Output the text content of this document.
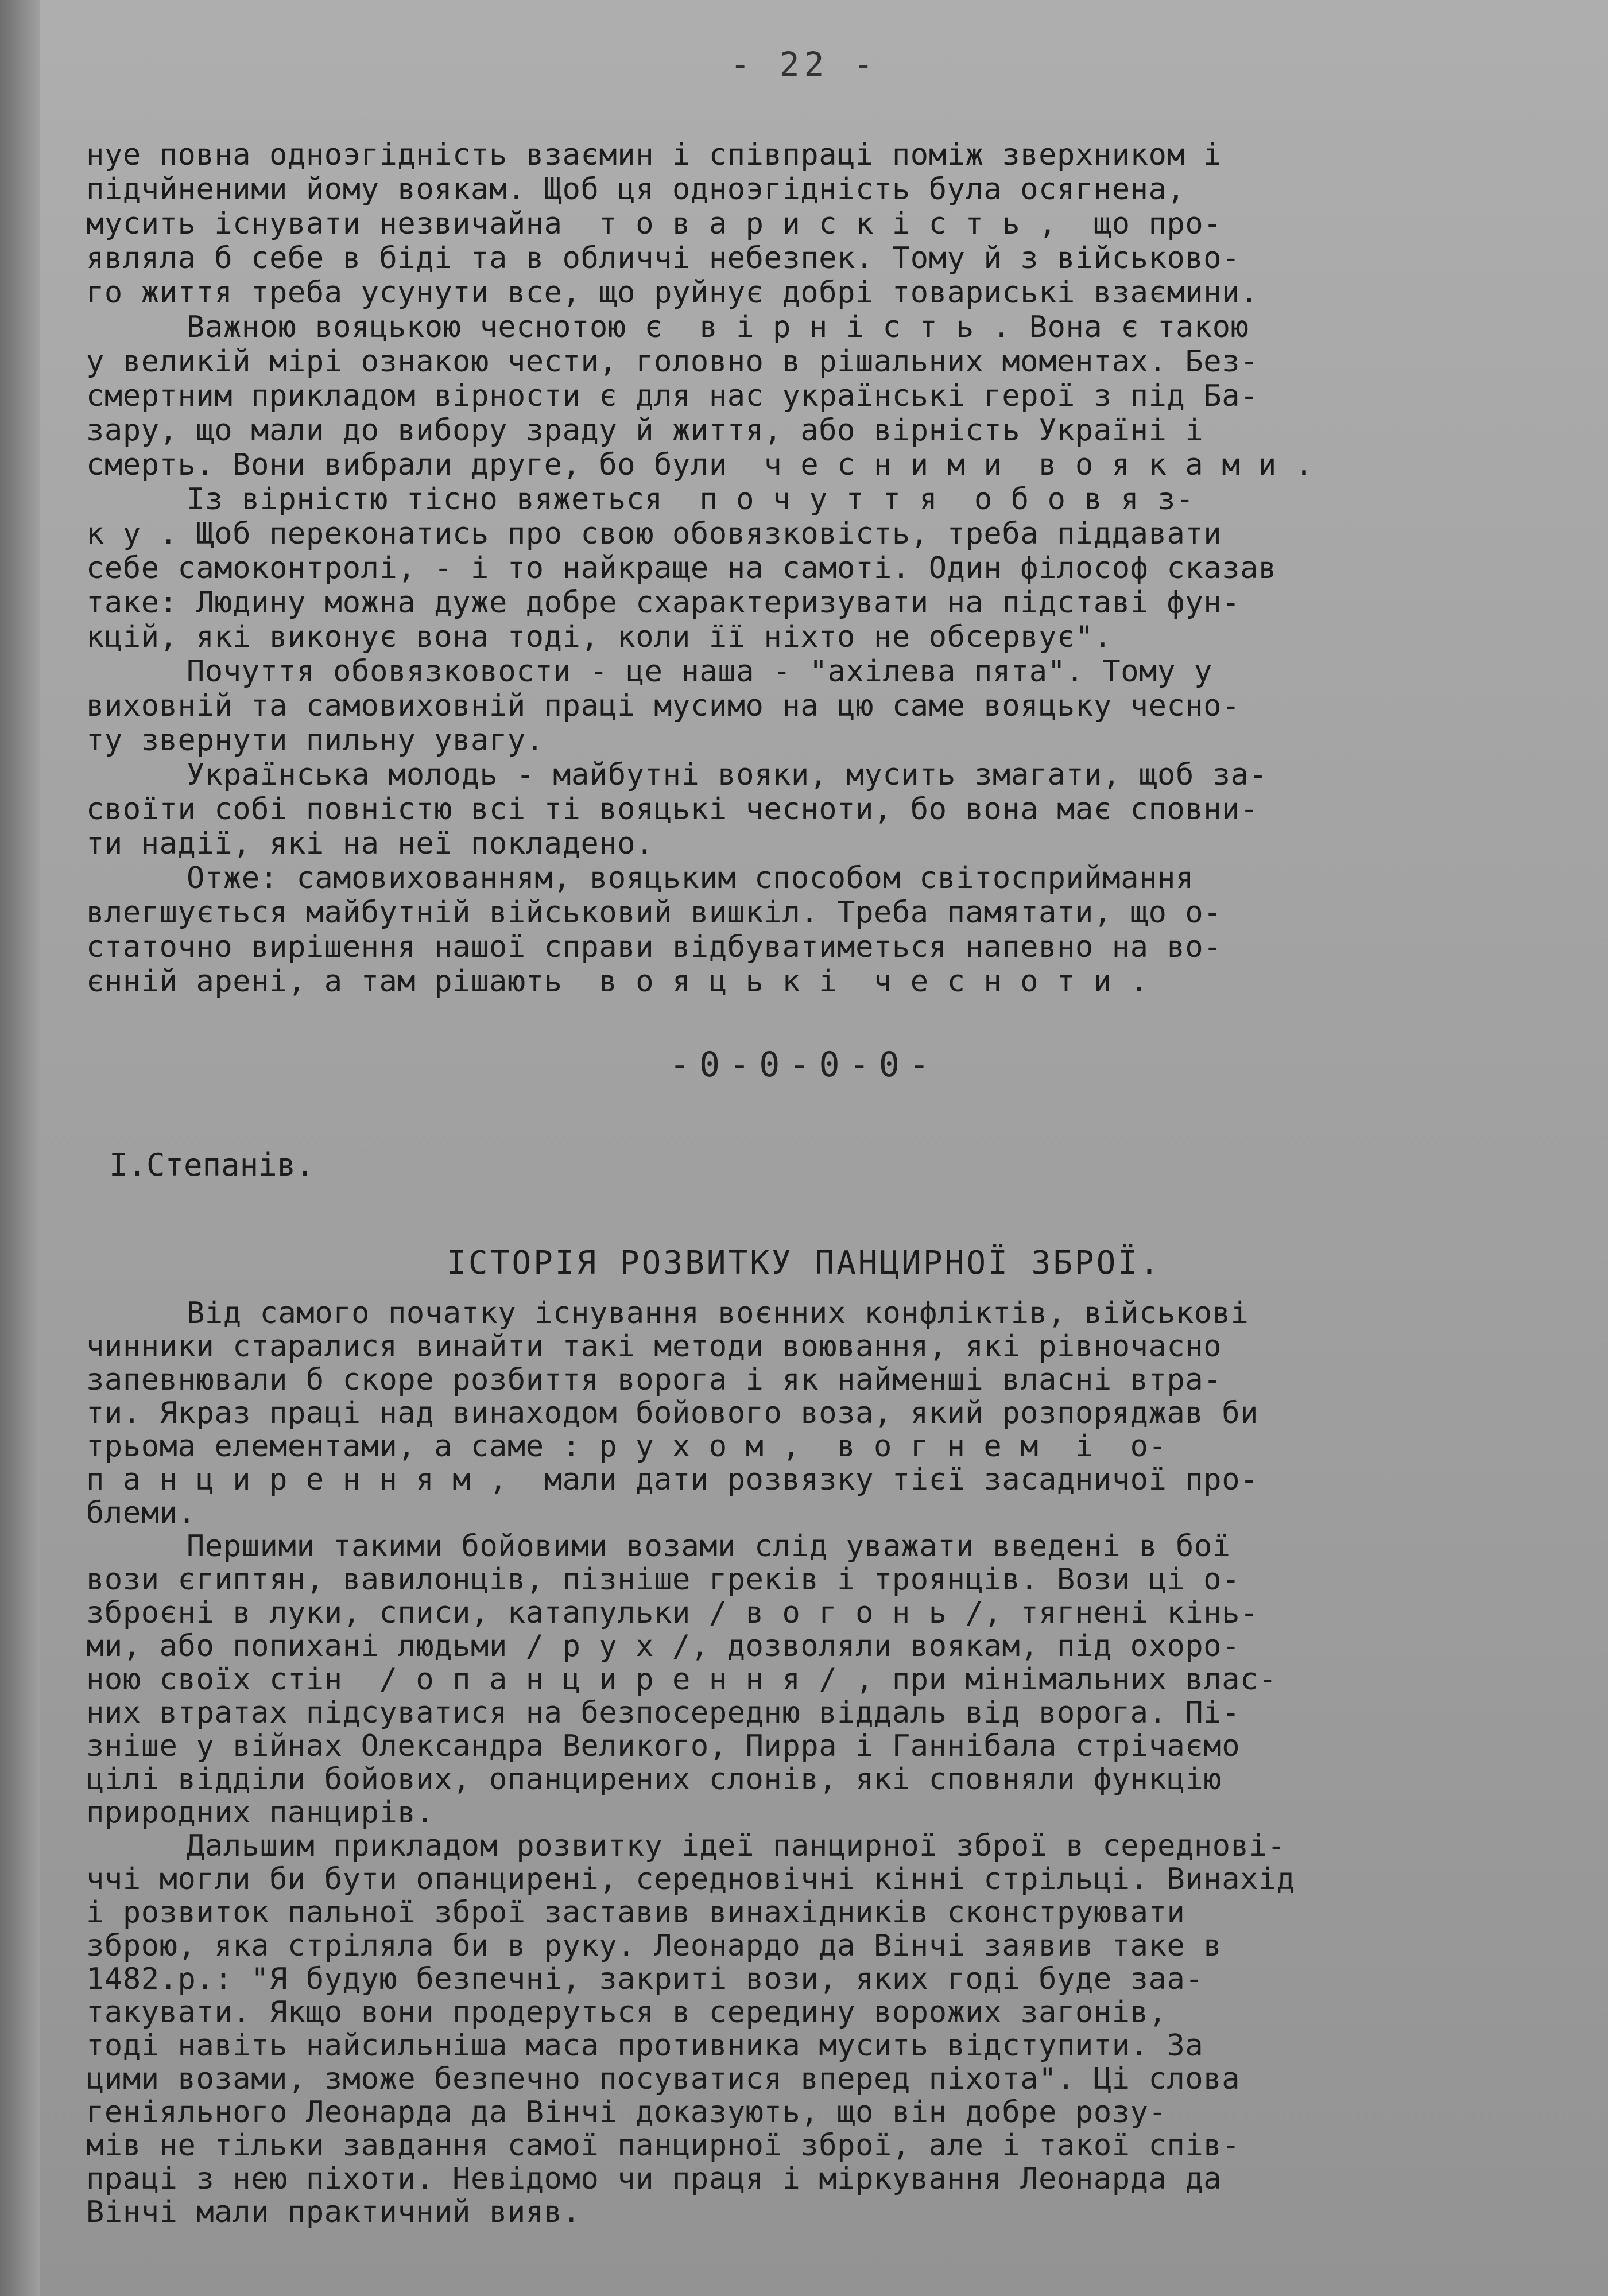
- 22 -
нуе повна одноэгідність взаємин і співпраці поміж зверхником і
підчйненими йому воякам. Щоб ця одноэгідність була осягнена,
мусить існувати незвичайна  т о в а р и с к і с т ь ,  що про-
являла б себе в біді та в обличчі небезпек. Тому й з військово-
го життя треба усунути все, що руйнує добрі товариські взаємини.
Важною вояцькою чеснотою є  в і р н і с т ь . Вона є такою
у великій мірі ознакою чести, головно в рішальних моментах. Без-
смертним прикладом вірности є для нас українські герої з під Ба-
зару, що мали до вибору зраду й життя, або вірність Україні і
смерть. Вони вибрали друге, бо були  ч е с н и м и  в о я к а м и .
Із вірністю тісно вяжеться  п о ч у т т я  о б о в я з-
к у . Щоб переконатись про свою обовязковість, треба піддавати
себе самоконтролі, - і то найкраще на самоті. Один філософ сказав
таке: Людину можна дуже добре схарактеризувати на підставі фун-
кцій, які виконує вона тоді, коли її ніхто не обсервує".
Почуття обовязковости - це наша - "ахілева пята". Тому у
виховній та самовиховній праці мусимо на цю саме вояцьку чесно-
ту звернути пильну увагу.
Українська молодь - майбутні вояки, мусить змагати, щоб за-
своїти собі повністю всі ті вояцькі чесноти, бо вона має сповни-
ти надії, які на неї покладено.
Отже: самовихованням, вояцьким способом світосприймання
влегшується майбутній військовий вишкіл. Треба памятати, що о-
статочно вирішення нашої справи відбуватиметься напевно на во-
єнній арені, а там рішають  в о я ц ь к і  ч е с н о т и .
-0-0-0-0-
І.Степанів.
ІСТОРІЯ РОЗВИТКУ ПАНЦИРНОЇ ЗБРОЇ.
Від самого початку існування воєнних конфліктів, військові
чинники старалися винайти такі методи воювання, які рівночасно
запевнювали б скоре розбиття ворога і як найменші власні втра-
ти. Якраз праці над винаходом бойового воза, який розпоряджав би
трьома елементами, а саме : р у х о м ,  в о г н е м  і  о-
п а н ц и р е н н я м ,  мали дати розвязку тієї засадничої про-
блеми.
Першими такими бойовими возами слід уважати введені в бої
вози єгиптян, вавилонців, пізніше греків і троянців. Вози ці о-
зброєні в луки, списи, катапульки / в о г о н ь /, тягнені кінь-
ми, або попихані людьми / р у х /, дозволяли воякам, під охоро-
ною своїх стін  / о п а н ц и р е н н я / , при мінімальних влас-
них втратах підсуватися на безпосередню віддаль від ворога. Пі-
зніше у війнах Олександра Великого, Пирра і Ганнібала стрічаємо
цілі відділи бойових, опанцирених слонів, які сповняли функцію
природних панцирів.
Дальшим прикладом розвитку ідеї панцирної зброї в середнові-
ччі могли би бути опанцирені, середновічні кінні стрільці. Винахід
і розвиток пальної зброї заставив винахідників сконструювати
зброю, яка стріляла би в руку. Леонардо да Вінчі заявив таке в
1482.р.: "Я будую безпечні, закриті вози, яких годі буде заа-
такувати. Якщо вони продеруться в середину ворожих загонів,
тоді навіть найсильніша маса противника мусить відступити. За
цими возами, зможе безпечно посуватися вперед піхота". Ці слова
геніяльного Леонарда да Вінчі доказують, що він добре розу-
мів не тільки завдання самої панцирної зброї, але і такої спів-
праці з нею піхоти. Невідомо чи праця і міркування Леонарда да
Вінчі мали практичний вияв.
